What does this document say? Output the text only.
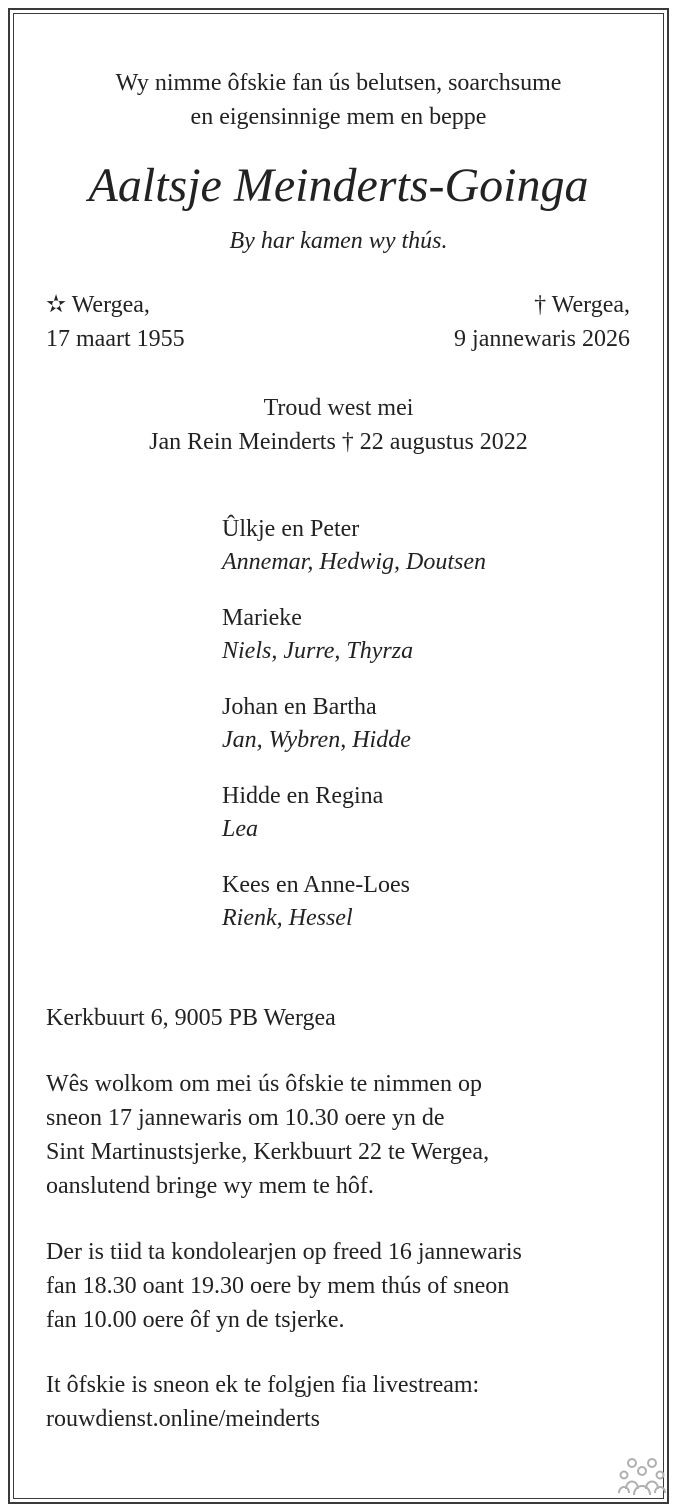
Wy nimme ôfskie fan ús belutsen, soarchsume
en eigensinnige mem en beppe
Aaltsje Meinderts-Goinga
By har kamen wy thús.
✫ Wergea,
17 maart 1955
† Wergea,
9 jannewaris 2026
Troud west mei
Jan Rein Meinderts † 22 augustus 2022
Ûlkje en Peter
Annemar, Hedwig, Doutsen
Marieke
Niels, Jurre, Thyrza
Johan en Bartha
Jan, Wybren, Hidde
Hidde en Regina
Lea
Kees en Anne-Loes
Rienk, Hessel
Kerkbuurt 6, 9005 PB Wergea
Wês wolkom om mei ús ôfskie te nimmen op
sneon 17 jannewaris om 10.30 oere yn de
Sint Martinustsjerke, Kerkbuurt 22 te Wergea,
oanslutend bringe wy mem te hôf.
Der is tiid ta kondolearjen op freed 16 jannewaris
fan 18.30 oant 19.30 oere by mem thús of sneon
fan 10.00 oere ôf yn de tsjerke.
It ôfskie is sneon ek te folgjen fia livestream:
rouwdienst.online/meinderts
